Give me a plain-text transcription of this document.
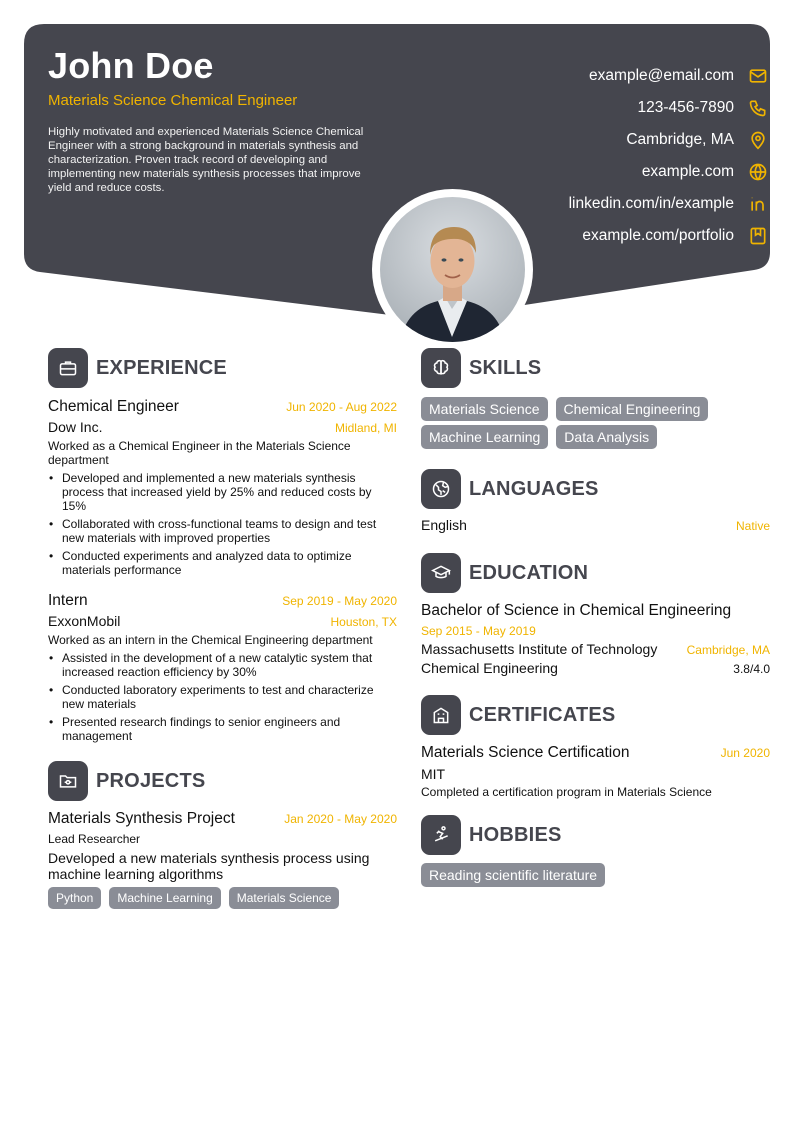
John Doe
Materials Science Chemical Engineer
Highly motivated and experienced Materials Science Chemical Engineer with a strong background in materials synthesis and characterization. Proven track record of developing and implementing new materials synthesis processes that improve yield and reduce costs.
example@email.com
123-456-7890
Cambridge, MA
example.com
linkedin.com/in/example
example.com/portfolio
EXPERIENCE
Chemical Engineer	Jun 2020 - Aug 2022
Dow Inc.	Midland, MI
Worked as a Chemical Engineer in the Materials Science department
• Developed and implemented a new materials synthesis process that increased yield by 25% and reduced costs by 15%
• Collaborated with cross-functional teams to design and test new materials with improved properties
• Conducted experiments and analyzed data to optimize materials performance
Intern	Sep 2019 - May 2020
ExxonMobil	Houston, TX
Worked as an intern in the Chemical Engineering department
• Assisted in the development of a new catalytic system that increased reaction efficiency by 30%
• Conducted laboratory experiments to test and characterize new materials
• Presented research findings to senior engineers and management
PROJECTS
Materials Synthesis Project	Jan 2020 - May 2020
Lead Researcher
Developed a new materials synthesis process using machine learning algorithms
Python	Machine Learning	Materials Science
SKILLS
Materials Science	Chemical Engineering
Machine Learning	Data Analysis
LANGUAGES
English	Native
EDUCATION
Bachelor of Science in Chemical Engineering
Sep 2015 - May 2019
Massachusetts Institute of Technology Cambridge, MA
Chemical Engineering	3.8/4.0
CERTIFICATES
Materials Science Certification	Jun 2020
MIT
Completed a certification program in Materials Science
HOBBIES
Reading scientific literature
